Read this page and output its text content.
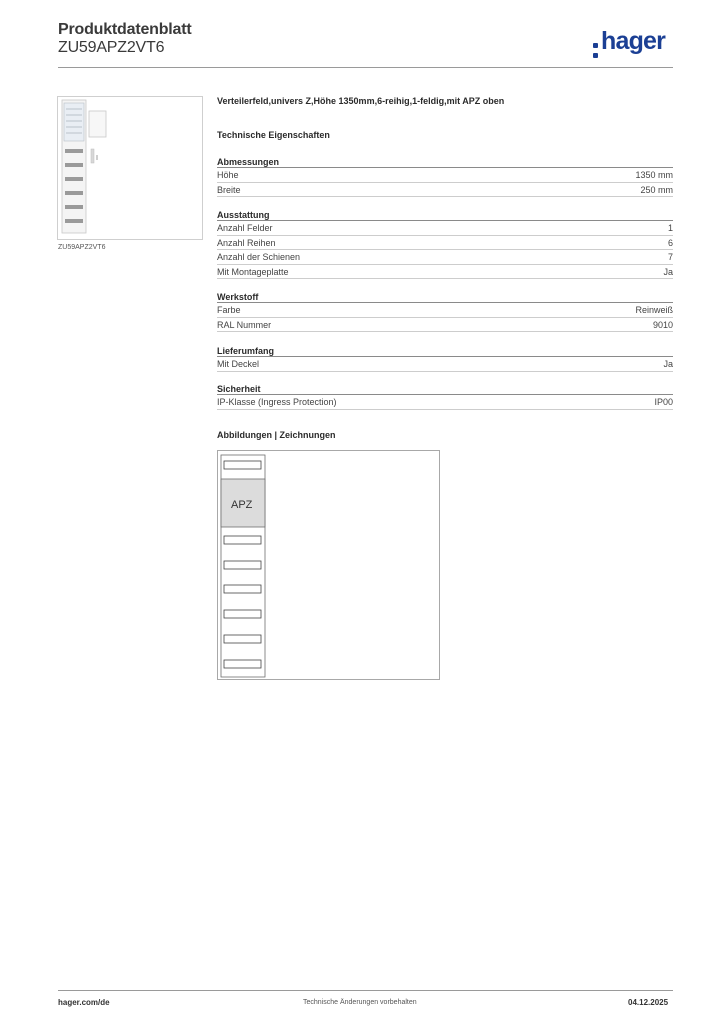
Produktdatenblatt
ZU59APZ2VT6	hager
ZU59APZ2VT6
Verteilerfeld,univers Z,Höhe 1350mm,6-reihig,1-feldig,mit APZ oben
Technische Eigenschaften
Abmessungen
Höhe	1350 mm
Breite	250 mm
Ausstattung
Anzahl Felder	1
Anzahl Reihen	6
Anzahl der Schienen	7
Mit Montageplatte	Ja
Werkstoff
Farbe	Reinweiß
RAL Nummer	9010
Lieferumfang
Mit Deckel	Ja
Sicherheit
IP-Klasse (Ingress Protection)	IP00
Abbildungen | Zeichnungen
APZ
hager.com/de	Technische Änderungen vorbehalten	04.12.2025
